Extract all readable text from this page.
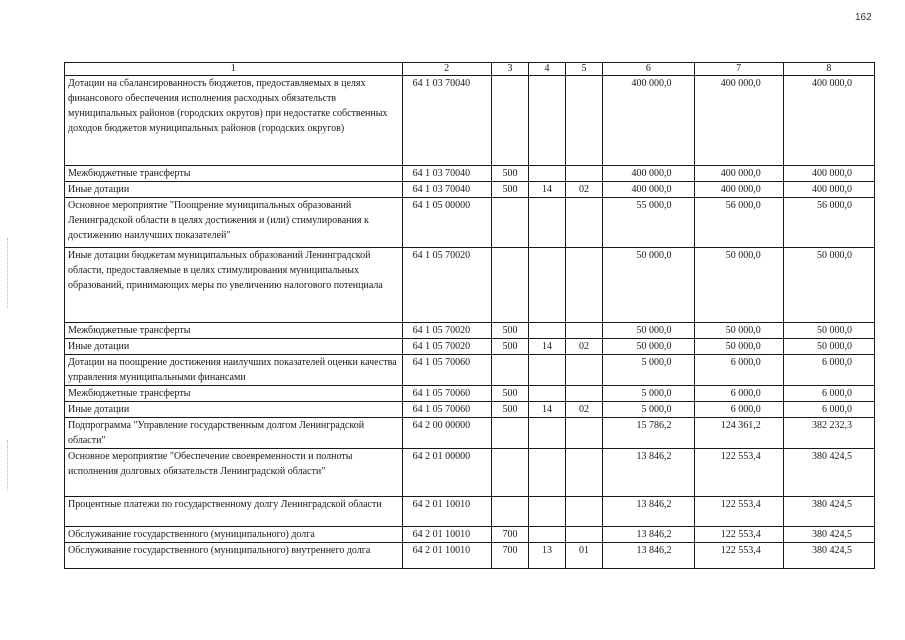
162
1	2	3	4	5	6	7	8
Дотации на сбалансированность бюджетов, предоставляемых в целях финансового обеспечения исполнения расходных обязательств муниципальных районов (городских округов) при недостатке собственных доходов бюджетов муниципальных районов (городских округов)	64 1 03 70040				400 000,0	400 000,0	400 000,0
Межбюджетные трансферты	64 1 03 70040	500			400 000,0	400 000,0	400 000,0
Иные дотации	64 1 03 70040	500	14	02	400 000,0	400 000,0	400 000,0
Основное мероприятие "Поощрение муниципальных образований Ленинградской области в целях достижения и (или) стимулирования к достижению наилучших показателей"	64 1 05 00000				55 000,0	56 000,0	56 000,0
Иные дотации бюджетам муниципальных образований Ленинградской области, предоставляемые в целях стимулирования муниципальных образований, принимающих меры по увеличению налогового потенциала	64 1 05 70020				50 000,0	50 000,0	50 000,0
Межбюджетные трансферты	64 1 05 70020	500			50 000,0	50 000,0	50 000,0
Иные дотации	64 1 05 70020	500	14	02	50 000,0	50 000,0	50 000,0
Дотации на поощрение достижения наилучших показателей оценки качества управления муниципальными финансами	64 1 05 70060				5 000,0	6 000,0	6 000,0
Межбюджетные трансферты	64 1 05 70060	500			5 000,0	6 000,0	6 000,0
Иные дотации	64 1 05 70060	500	14	02	5 000,0	6 000,0	6 000,0
Подпрограмма "Управление государственным долгом Ленинградской области"	64 2 00 00000				15 786,2	124 361,2	382 232,3
Основное мероприятие "Обеспечение своевременности и полноты исполнения долговых обязательств Ленинградской области"	64 2 01 00000				13 846,2	122 553,4	380 424,5
Процентные платежи по государственному долгу Ленинградской области	64 2 01 10010				13 846,2	122 553,4	380 424,5
Обслуживание государственного (муниципального) долга	64 2 01 10010	700			13 846,2	122 553,4	380 424,5
Обслуживание государственного (муниципального) внутреннего долга	64 2 01 10010	700	13	01	13 846,2	122 553,4	380 424,5
